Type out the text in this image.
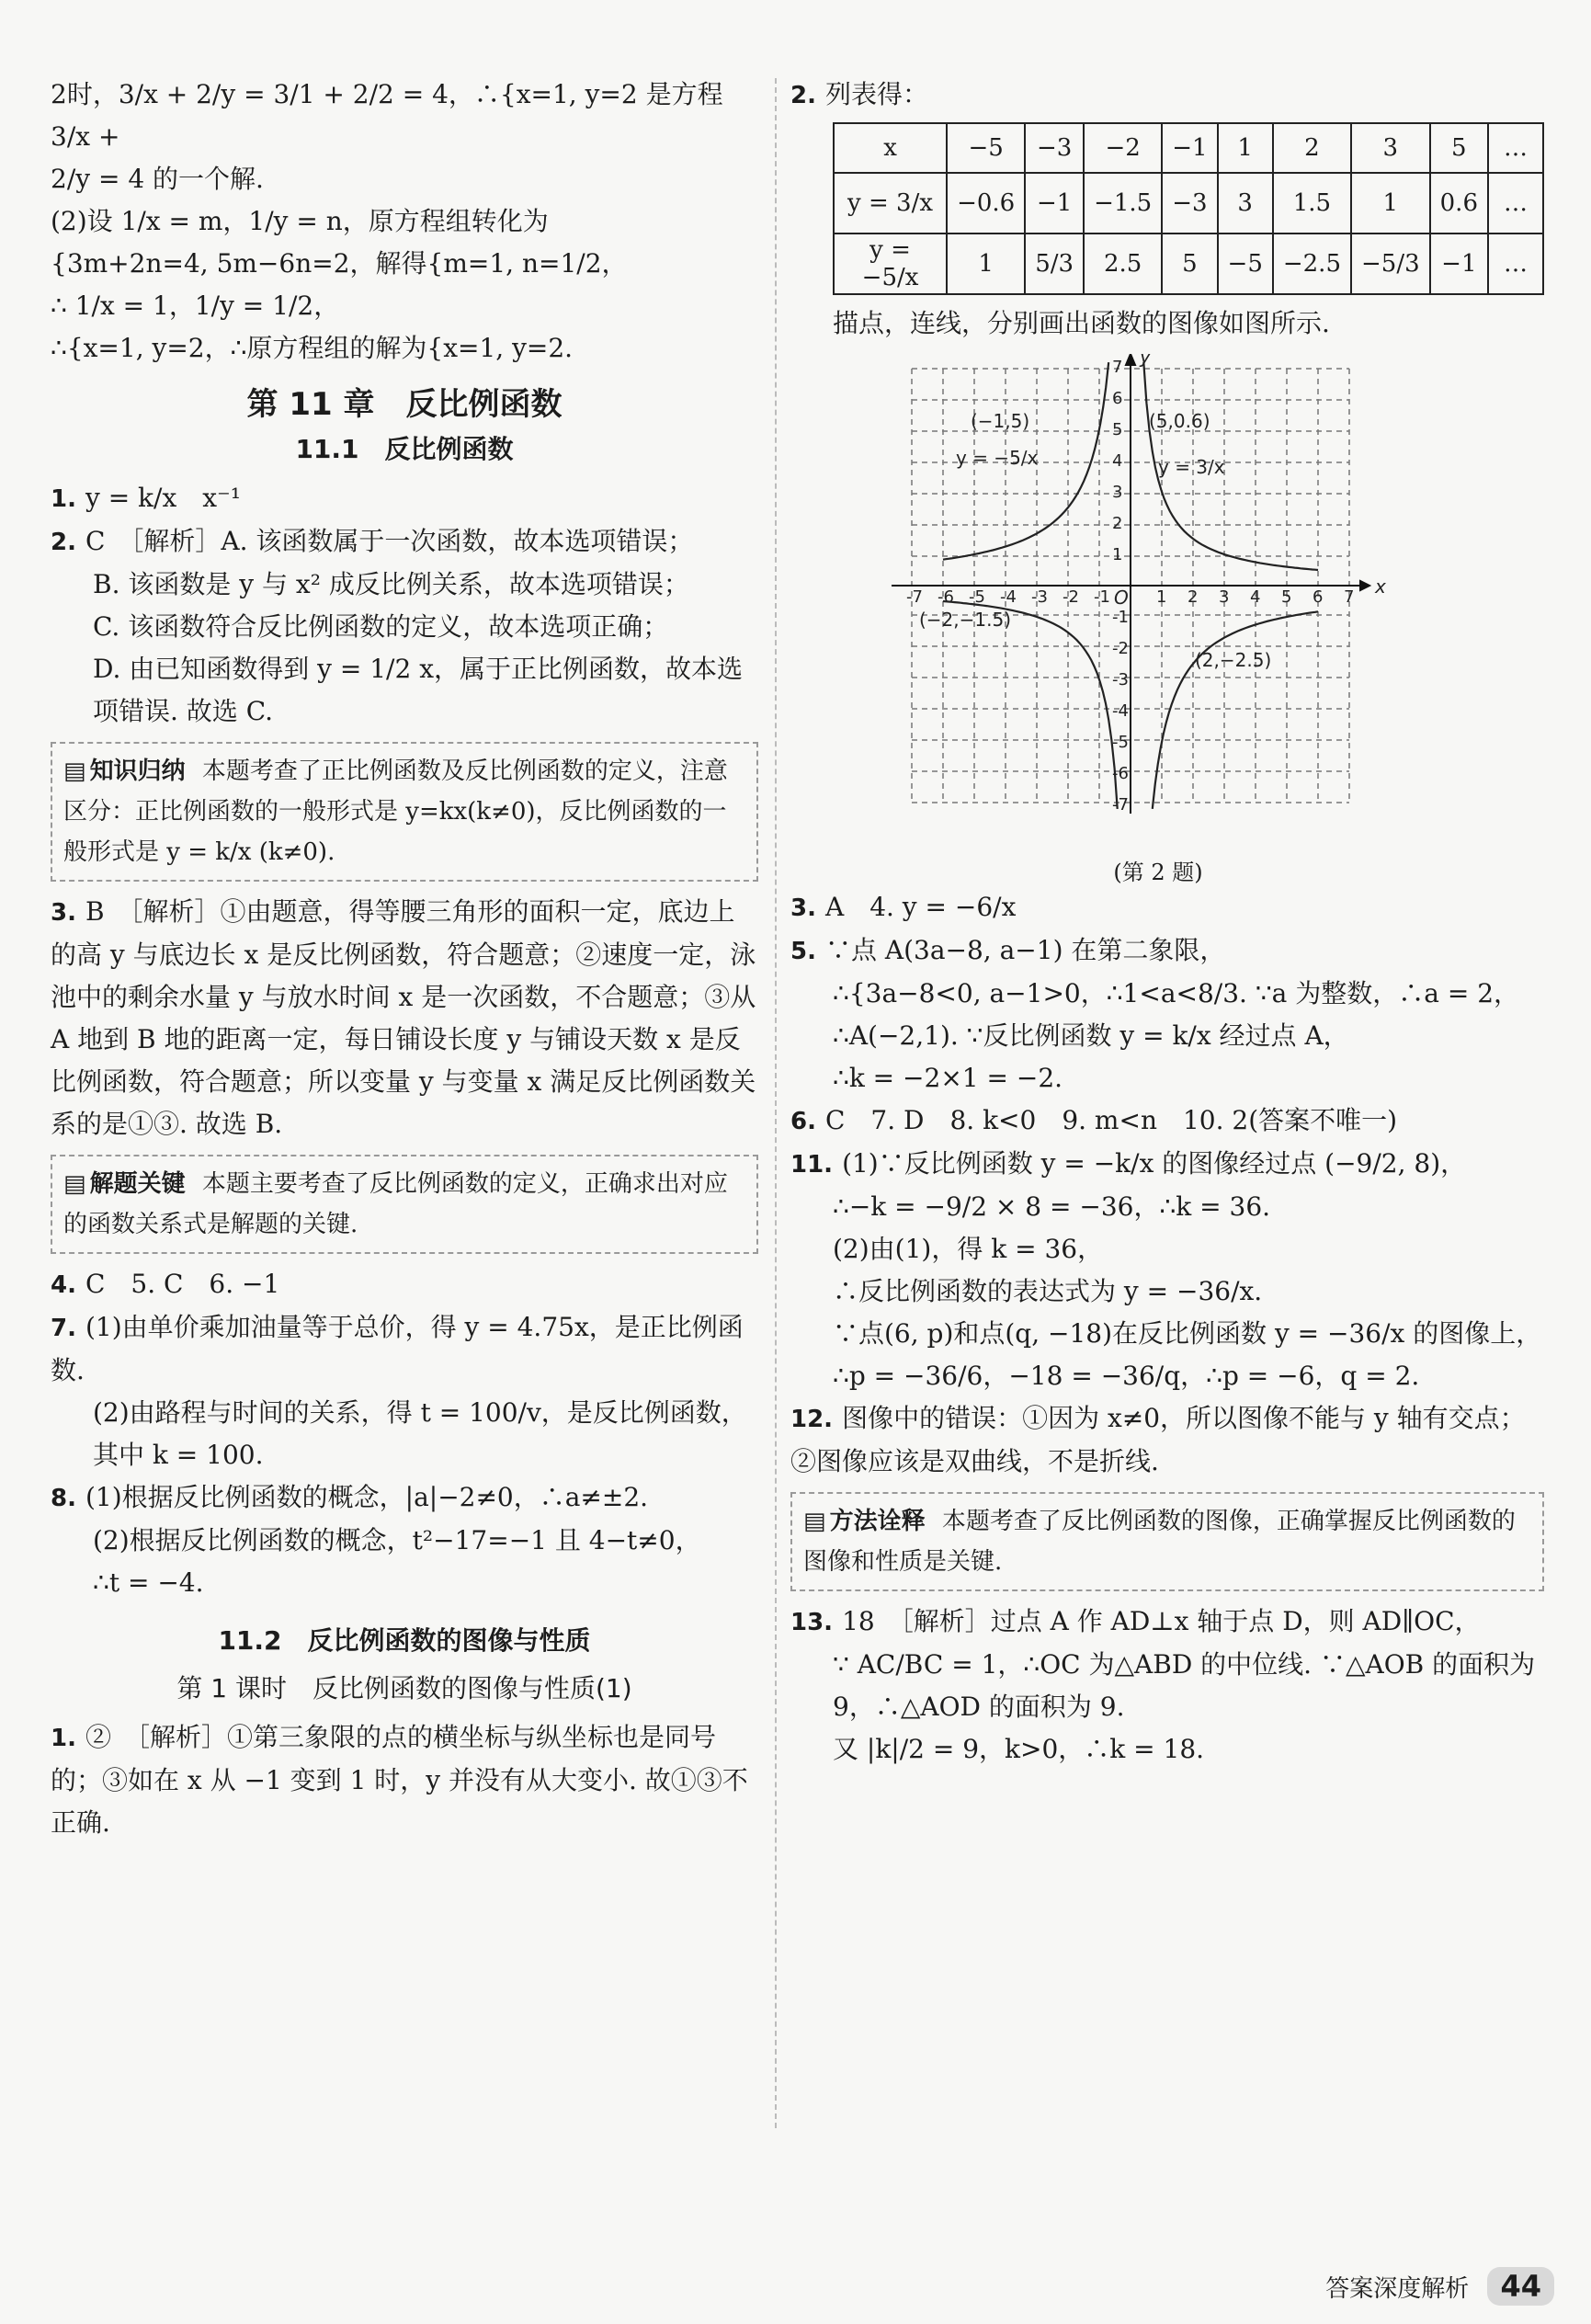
2时，3/x + 2/y = 3/1 + 2/2 = 4，∴{x=1, y=2 是方程 3/x +

2/y = 4 的一个解.

(2)设 1/x = m，1/y = n，原方程组转化为

{3m+2n=4, 5m−6n=2，解得{m=1, n=1/2，

∴ 1/x = 1，1/y = 1/2，

∴{x=1, y=2，∴原方程组的解为{x=1, y=2.

第 11 章　反比例函数
11.1　反比例函数

1. y = k/x　x⁻¹

2. C　［解析］A. 该函数属于一次函数，故本选项错误；

B. 该函数是 y 与 x² 成反比例关系，故本选项错误；

C. 该函数符合反比例函数的定义，故本选项正确；

D. 由已知函数得到 y = 1/2 x，属于正比例函数，故本选项错误. 故选 C.

▤ 知识归纳 本题考查了正比例函数及反比例函数的定义，注意区分：正比例函数的一般形式是 y=kx(k≠0)，反比例函数的一般形式是 y = k/x (k≠0).

3. B　［解析］①由题意，得等腰三角形的面积一定，底边上的高 y 与底边长 x 是反比例函数，符合题意；②速度一定，泳池中的剩余水量 y 与放水时间 x 是一次函数，不合题意；③从 A 地到 B 地的距离一定，每日铺设长度 y 与铺设天数 x 是反比例函数，符合题意；所以变量 y 与变量 x 满足反比例函数关系的是①③. 故选 B.

▤ 解题关键 本题主要考查了反比例函数的定义，正确求出对应的函数关系式是解题的关键.

4. C　5. C　6. −1

7. (1)由单价乘加油量等于总价，得 y = 4.75x，是正比例函数.

(2)由路程与时间的关系，得 t = 100/v，是反比例函数，其中 k = 100.

8. (1)根据反比例函数的概念，|a|−2≠0，∴a≠±2.

(2)根据反比例函数的概念，t²−17=−1 且 4−t≠0，

∴t = −4.

11.2　反比例函数的图像与性质
第 1 课时　反比例函数的图像与性质(1)

1. ②　［解析］①第三象限的点的横坐标与纵坐标也是同号的；③如在 x 从 −1 变到 1 时，y 并没有从大变小. 故①③不正确.

2. 列表得：

x	−5	−3	−2	−1	1	2	3	5	…
y = 3/x	−0.6	−1	−1.5	−3	3	1.5	1	0.6	…
y = −5/x	1	5/3	2.5	5	−5	−2.5	−5/3	−1	…

描点，连线，分别画出函数的图像如图所示.

x
y
O
(−1,5)	(5,0.6)
(−2,−1.5)
(2,−2.5)
y = −5/x	y = 3/x
-7
-7
-6
-6
-5
-5
-4
-4
-3
-3
-2
-2
-1
-1
1
1
2
2
3
3
4
4
5
5
6
6
7
7
(第 2 题)

3. A　4. y = −6/x

5. ∵点 A(3a−8, a−1) 在第二象限，

∴{3a−8<0, a−1>0，∴1<a<8/3. ∵a 为整数，∴a = 2，

∴A(−2,1). ∵反比例函数 y = k/x 经过点 A，

∴k = −2×1 = −2.

6. C　7. D　8. k<0　9. m<n　10. 2(答案不唯一)

11. (1)∵反比例函数 y = −k/x 的图像经过点 (−9/2, 8)，

∴−k = −9/2 × 8 = −36，∴k = 36.

(2)由(1)，得 k = 36，

∴反比例函数的表达式为 y = −36/x.

∵点(6, p)和点(q, −18)在反比例函数 y = −36/x 的图像上，

∴p = −36/6，−18 = −36/q，∴p = −6，q = 2.

12. 图像中的错误：①因为 x≠0，所以图像不能与 y 轴有交点；②图像应该是双曲线，不是折线.

▤ 方法诠释 本题考查了反比例函数的图像，正确掌握反比例函数的图像和性质是关键.

13. 18　［解析］过点 A 作 AD⊥x 轴于点 D，则 AD∥OC，

∵ AC/BC = 1，∴OC 为△ABD 的中位线. ∵△AOB 的面积为 9，∴△AOD 的面积为 9.

又 |k|/2 = 9，k>0，∴k = 18.

答案深度解析 44
